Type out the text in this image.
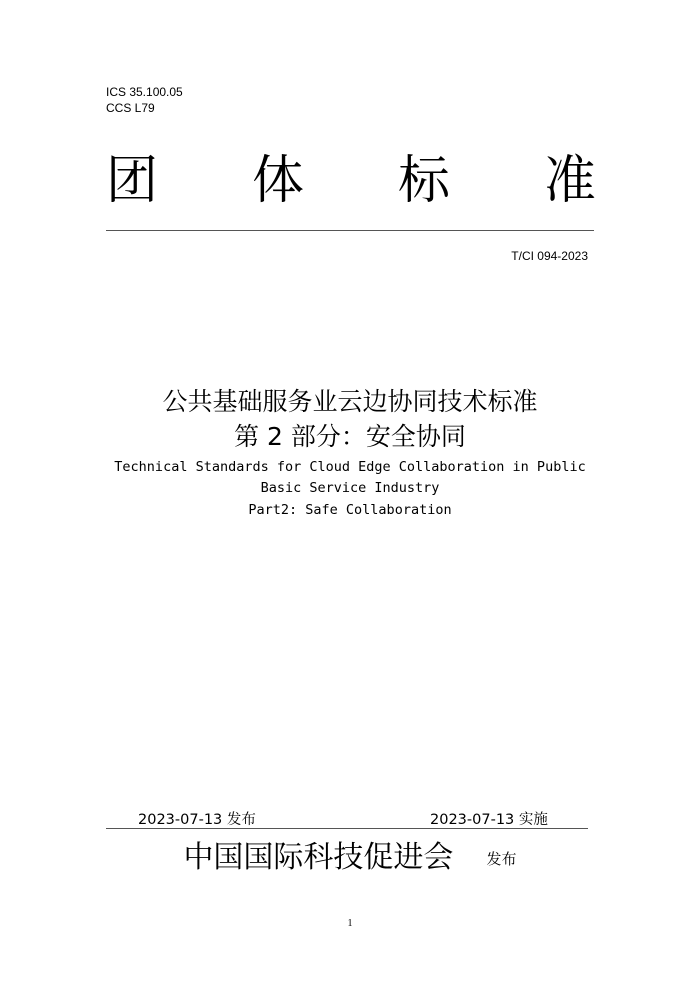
ICS 35.100.05
CCS L79
团 体 标 准
T/CI 094-2023
公共基础服务业云边协同技术标准
第 2 部分：安全协同
Technical Standards for Cloud Edge Collaboration in Public
Basic Service Industry
Part2: Safe Collaboration
2023-07-13 发布	2023-07-13 实施
中国国际科技促进会 发布
1
